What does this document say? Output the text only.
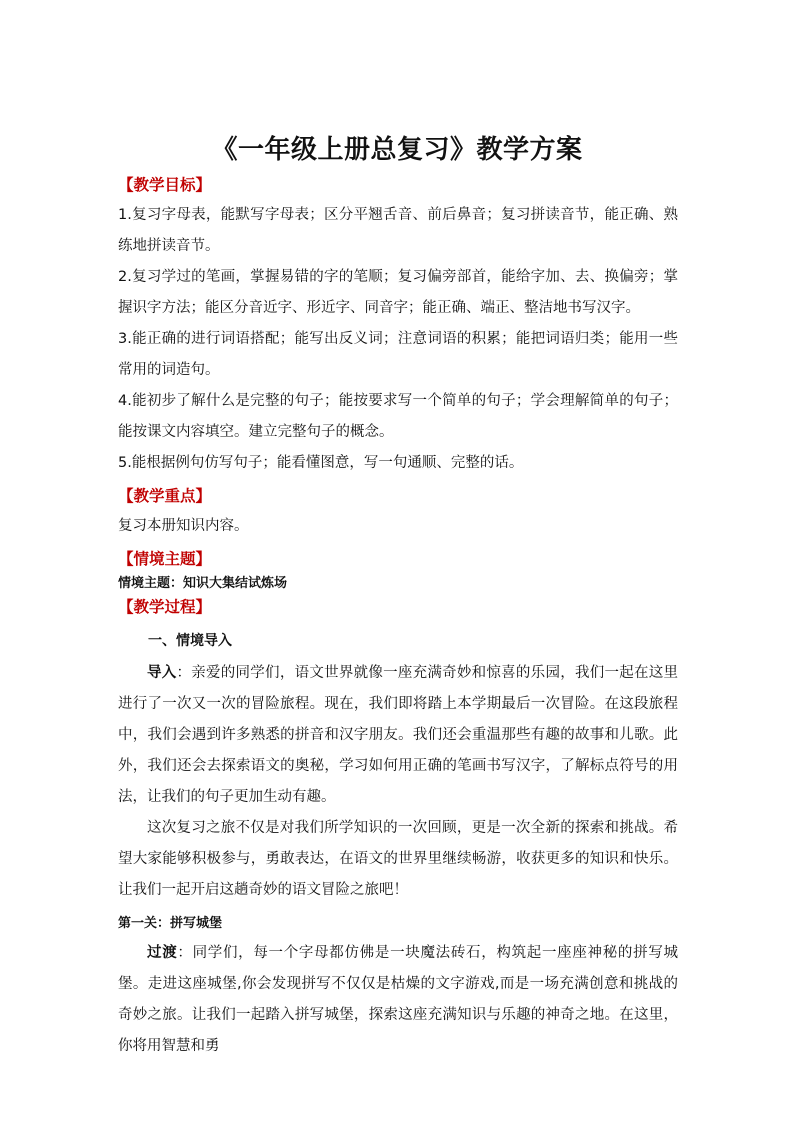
《一年级上册总复习》教学方案
【教学目标】

1.复习字母表，能默写字母表；区分平翘舌音、前后鼻音；复习拼读音节，能正确、熟练地拼读音节。

2.复习学过的笔画，掌握易错的字的笔顺；复习偏旁部首，能给字加、去、换偏旁；掌握识字方法；能区分音近字、形近字、同音字；能正确、端正、整洁地书写汉字。

3.能正确的进行词语搭配；能写出反义词；注意词语的积累；能把词语归类；能用一些常用的词造句。

4.能初步了解什么是完整的句子；能按要求写一个简单的句子；学会理解简单的句子；能按课文内容填空。建立完整句子的概念。

5.能根据例句仿写句子；能看懂图意，写一句通顺、完整的话。

【教学重点】

复习本册知识内容。

【情境主题】
情境主题：知识大集结试炼场
【教学过程】
一、情境导入

导入：亲爱的同学们，语文世界就像一座充满奇妙和惊喜的乐园，我们一起在这里进行了一次又一次的冒险旅程。现在，我们即将踏上本学期最后一次冒险。在这段旅程中，我们会遇到许多熟悉的拼音和汉字朋友。我们还会重温那些有趣的故事和儿歌。此外，我们还会去探索语文的奥秘，学习如何用正确的笔画书写汉字，了解标点符号的用法，让我们的句子更加生动有趣。

这次复习之旅不仅是对我们所学知识的一次回顾，更是一次全新的探索和挑战。希望大家能够积极参与，勇敢表达，在语文的世界里继续畅游，收获更多的知识和快乐。让我们一起开启这趟奇妙的语文冒险之旅吧！

第一关：拼写城堡

过渡：同学们，每一个字母都仿佛是一块魔法砖石，构筑起一座座神秘的拼写城堡。走进这座城堡,你会发现拼写不仅仅是枯燥的文字游戏,而是一场充满创意和挑战的奇妙之旅。让我们一起踏入拼写城堡，探索这座充满知识与乐趣的神奇之地。在这里，你将用智慧和勇
